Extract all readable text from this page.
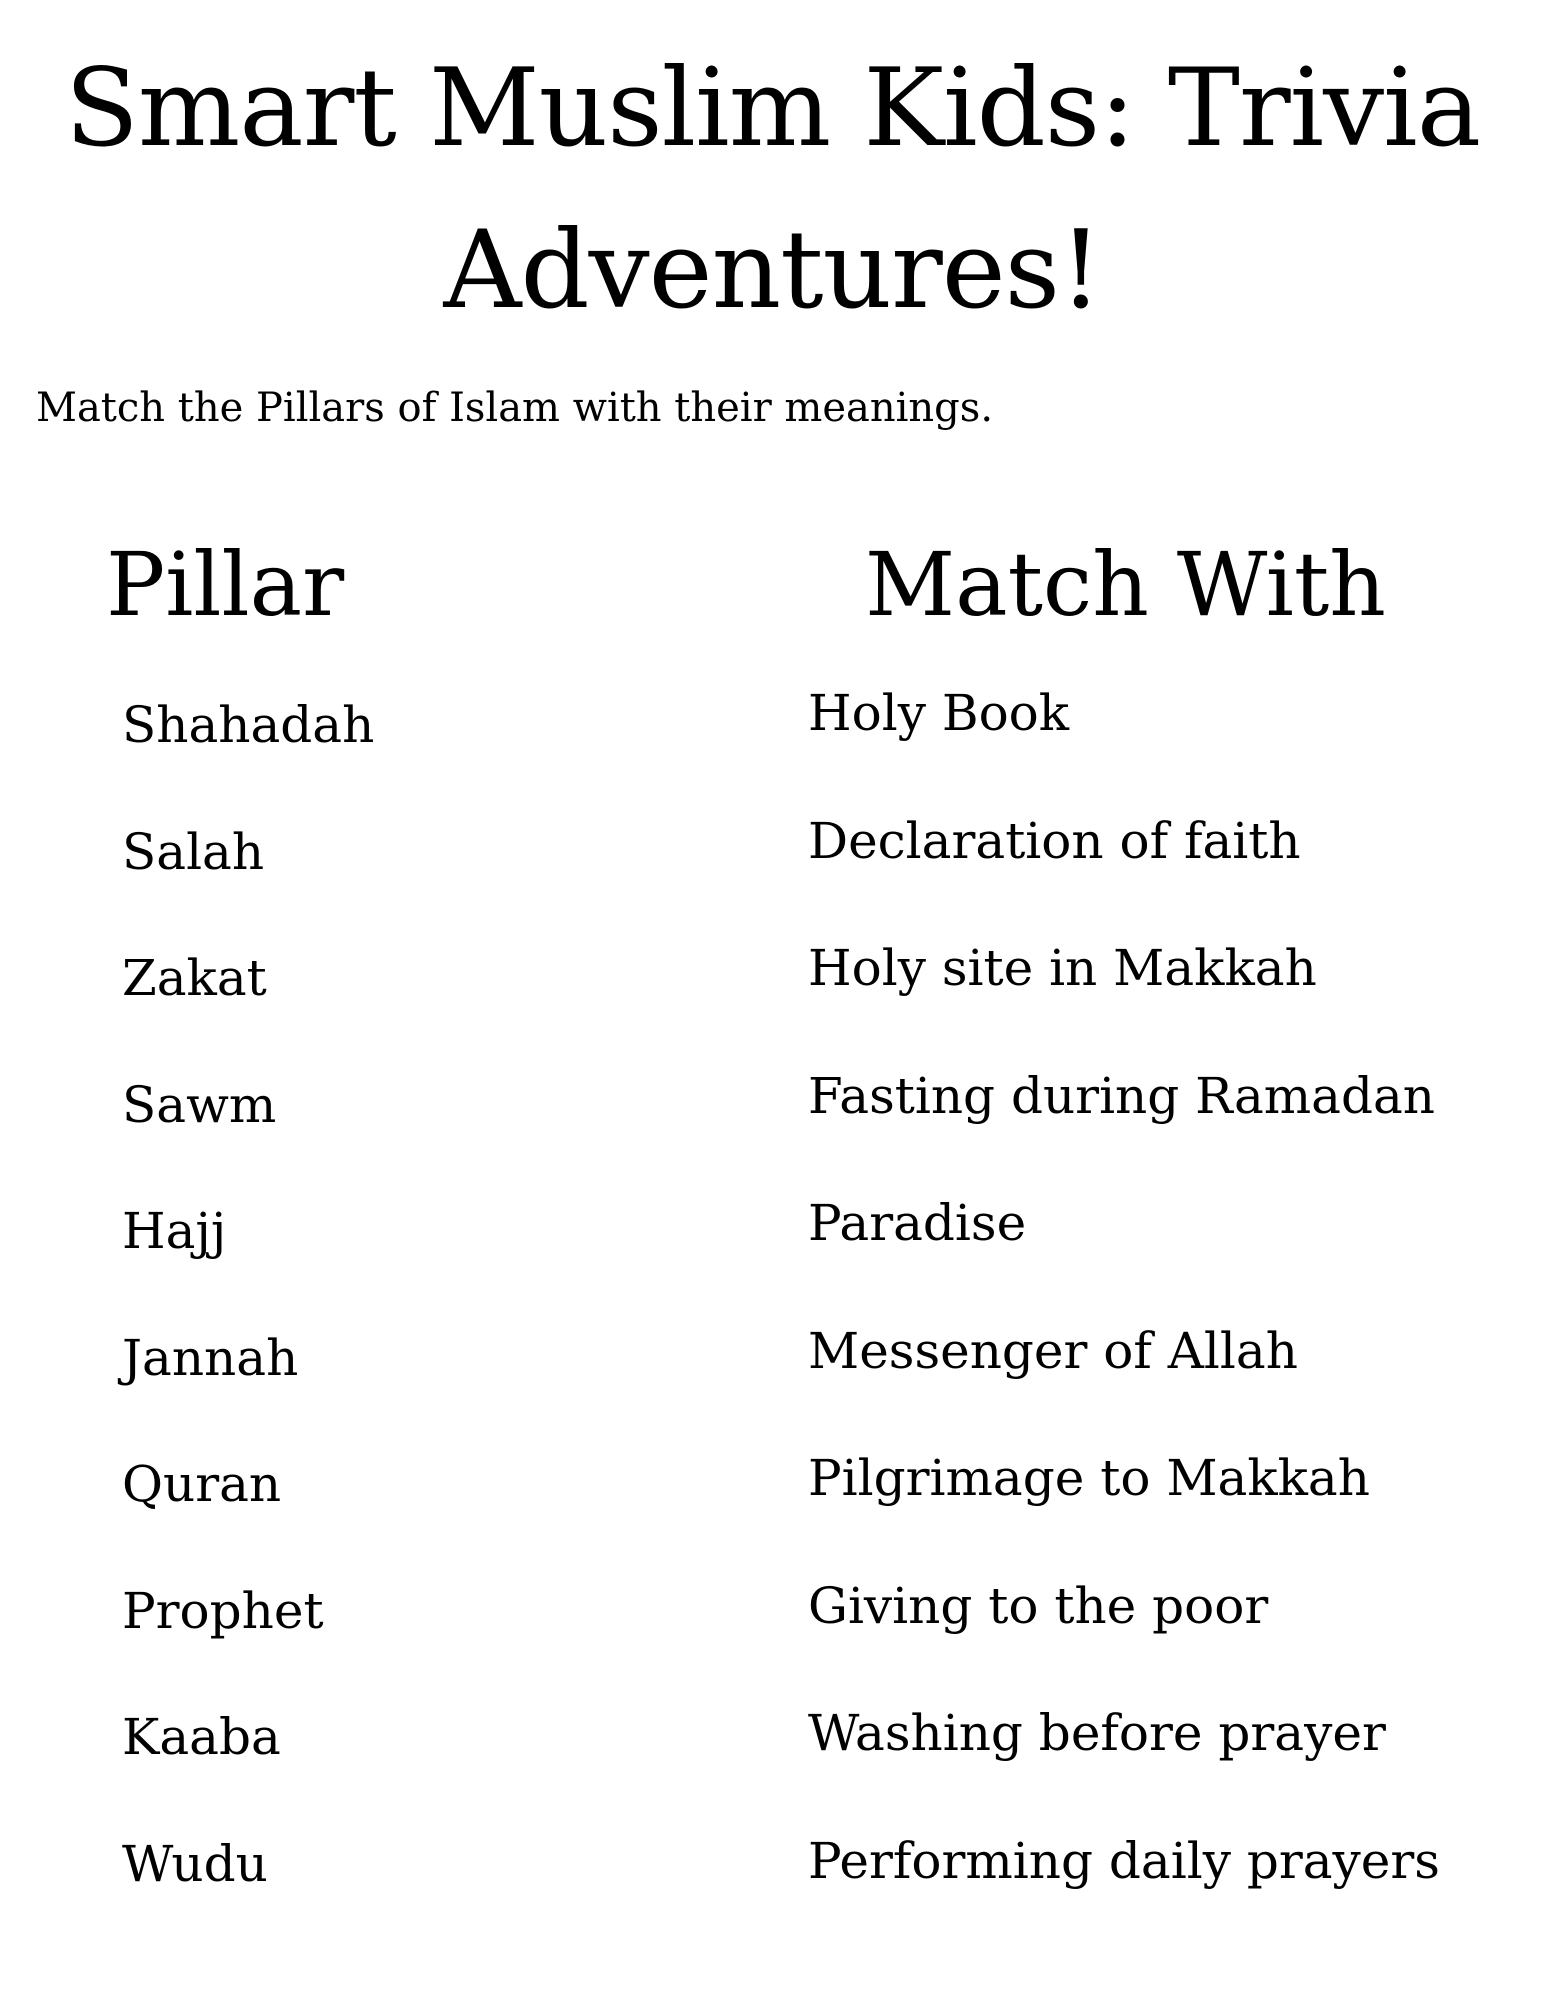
Smart Muslim Kids: Trivia Adventures!

Match the Pillars of Islam with their meanings.

Pillar	Match With
Shahadah
Salah
Zakat
Sawm
Hajj
Jannah
Quran
Prophet
Kaaba
Wudu
Holy Book
Declaration of faith
Holy site in Makkah
Fasting during Ramadan
Paradise
Messenger of Allah
Pilgrimage to Makkah
Giving to the poor
Washing before prayer
Performing daily prayers
